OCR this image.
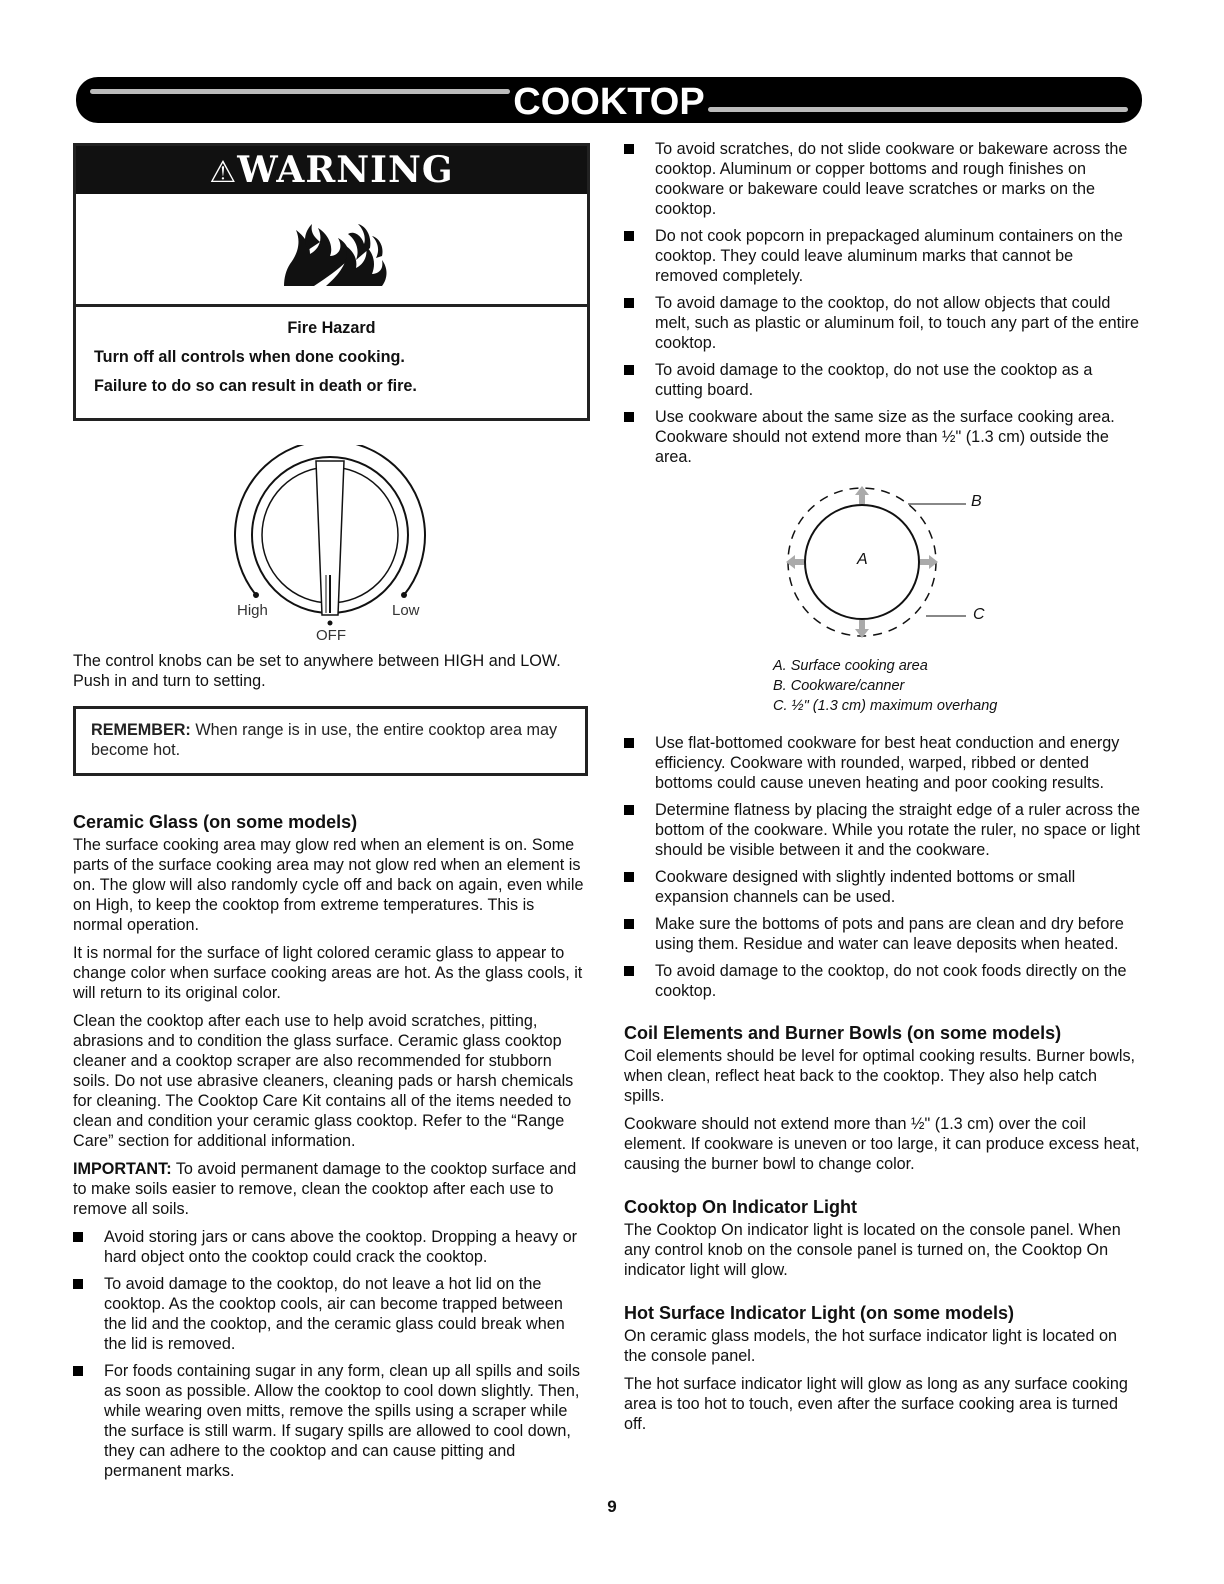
COOKTOP
⚠WARNING

Fire Hazard

Turn off all controls when done cooking.

Failure to do so can result in death or fire.

High	Low
OFF

The control knobs can be set to anywhere between HIGH and LOW. Push in and turn to setting.

REMEMBER: When range is in use, the entire cooktop area may become hot.
Ceramic Glass (on some models)

The surface cooking area may glow red when an element is on. Some parts of the surface cooking area may not glow red when an element is on. The glow will also randomly cycle off and back on again, even while on High, to keep the cooktop from extreme temperatures. This is normal operation.

It is normal for the surface of light colored ceramic glass to appear to change color when surface cooking areas are hot. As the glass cools, it will return to its original color.

Clean the cooktop after each use to help avoid scratches, pitting, abrasions and to condition the glass surface. Ceramic glass cooktop cleaner and a cooktop scraper are also recommended for stubborn soils. Do not use abrasive cleaners, cleaning pads or harsh chemicals for cleaning. The Cooktop Care Kit contains all of the items needed to clean and condition your ceramic glass cooktop. Refer to the “Range Care” section for additional information.

IMPORTANT: To avoid permanent damage to the cooktop surface and to make soils easier to remove, clean the cooktop after each use to remove all soils.

Avoid storing jars or cans above the cooktop. Dropping a heavy or hard object onto the cooktop could crack the cooktop.
To avoid damage to the cooktop, do not leave a hot lid on the cooktop. As the cooktop cools, air can become trapped between the lid and the cooktop, and the ceramic glass could break when the lid is removed.
For foods containing sugar in any form, clean up all spills and soils as soon as possible. Allow the cooktop to cool down slightly. Then, while wearing oven mitts, remove the spills using a scraper while the surface is still warm. If sugary spills are allowed to cool down, they can adhere to the cooktop and can cause pitting and permanent marks.
To avoid scratches, do not slide cookware or bakeware across the cooktop. Aluminum or copper bottoms and rough finishes on cookware or bakeware could leave scratches or marks on the cooktop.
Do not cook popcorn in prepackaged aluminum containers on the cooktop. They could leave aluminum marks that cannot be removed completely.
To avoid damage to the cooktop, do not allow objects that could melt, such as plastic or aluminum foil, to touch any part of the entire cooktop.
To avoid damage to the cooktop, do not use the cooktop as a cutting board.
Use cookware about the same size as the surface cooking area. Cookware should not extend more than ½" (1.3 cm) outside the area.
A
B
C
A. Surface cooking area
B. Cookware/canner
C. ½" (1.3 cm) maximum overhang
Use flat-bottomed cookware for best heat conduction and energy efficiency. Cookware with rounded, warped, ribbed or dented bottoms could cause uneven heating and poor cooking results.
Determine flatness by placing the straight edge of a ruler across the bottom of the cookware. While you rotate the ruler, no space or light should be visible between it and the cookware.
Cookware designed with slightly indented bottoms or small expansion channels can be used.
Make sure the bottoms of pots and pans are clean and dry before using them. Residue and water can leave deposits when heated.
To avoid damage to the cooktop, do not cook foods directly on the cooktop.
Coil Elements and Burner Bowls (on some models)

Coil elements should be level for optimal cooking results. Burner bowls, when clean, reflect heat back to the cooktop. They also help catch spills.

Cookware should not extend more than ½" (1.3 cm) over the coil element. If cookware is uneven or too large, it can produce excess heat, causing the burner bowl to change color.

Cooktop On Indicator Light

The Cooktop On indicator light is located on the console panel. When any control knob on the console panel is turned on, the Cooktop On indicator light will glow.

Hot Surface Indicator Light (on some models)

On ceramic glass models, the hot surface indicator light is located on the console panel.

The hot surface indicator light will glow as long as any surface cooking area is too hot to touch, even after the surface cooking area is turned off.

9
